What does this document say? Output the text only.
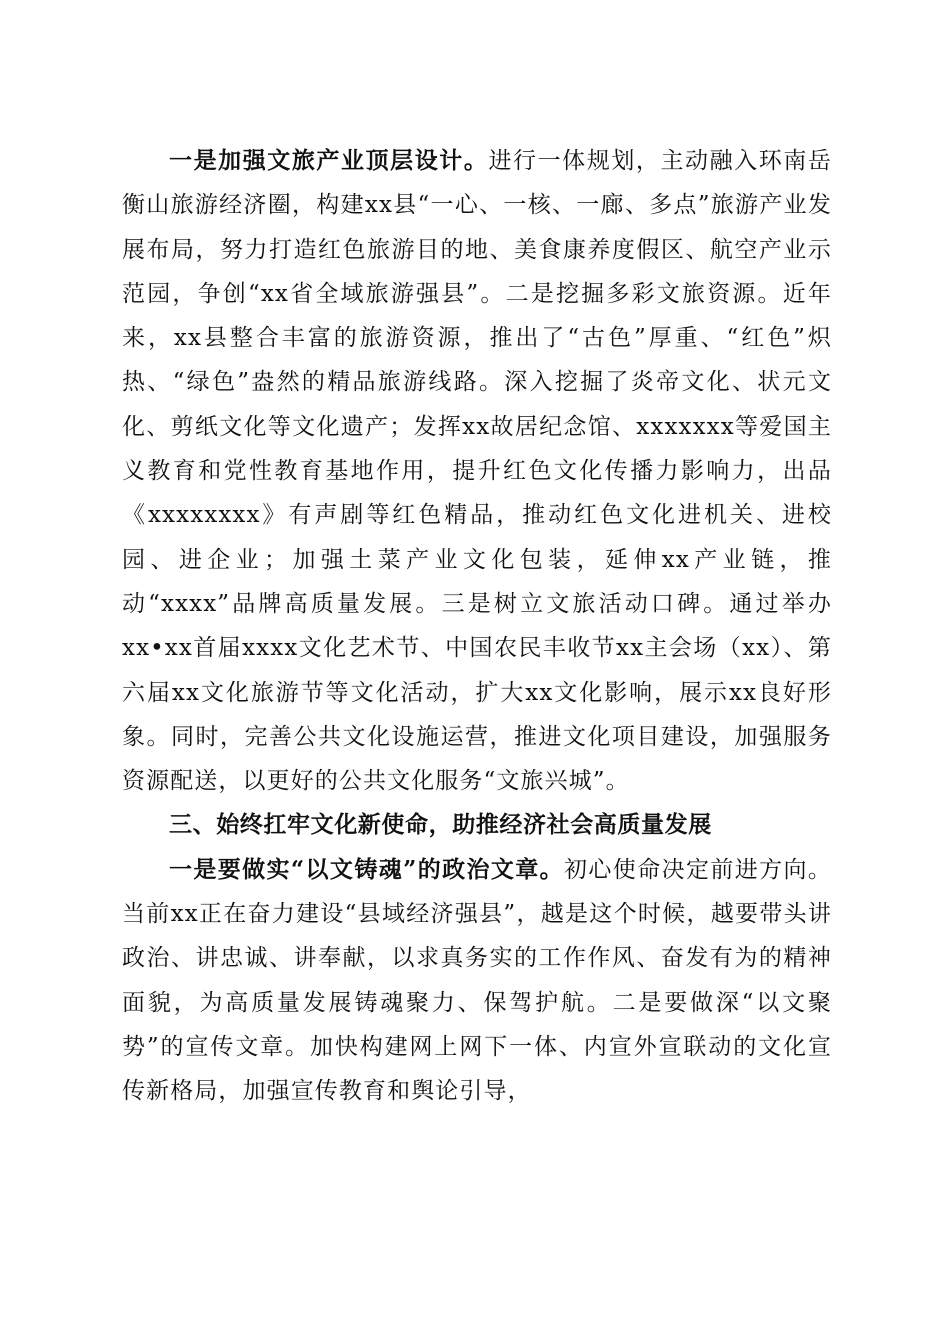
一是加强文旅产业顶层设计。进行一体规划，主动融入环南岳衡山旅游经济圈，构建xx县“一心、一核、一廊、多点”旅游产业发展布局，努力打造红色旅游目的地、美食康养度假区、航空产业示范园，争创“xx省全域旅游强县”。二是挖掘多彩文旅资源。近年来，xx县整合丰富的旅游资源，推出了“古色”厚重、“红色”炽热、“绿色”盎然的精品旅游线路。深入挖掘了炎帝文化、状元文化、剪纸文化等文化遗产；发挥xx故居纪念馆、xxxxxxx等爱国主义教育和党性教育基地作用，提升红色文化传播力影响力，出品《xxxxxxxx》有声剧等红色精品，推动红色文化进机关、进校园、进企业；加强土菜产业文化包装，延伸xx产业链，推动“xxxx”品牌高质量发展。三是树立文旅活动口碑。通过举办xx•xx首届xxxx文化艺术节、中国农民丰收节xx主会场（xx）、第六届xx文化旅游节等文化活动，扩大xx文化影响，展示xx良好形象。同时，完善公共文化设施运营，推进文化项目建设，加强服务资源配送，以更好的公共文化服务“文旅兴城”。

三、始终扛牢文化新使命，助推经济社会高质量发展

一是要做实“以文铸魂”的政治文章。初心使命决定前进方向。当前xx正在奋力建设“县域经济强县”，越是这个时候，越要带头讲政治、讲忠诚、讲奉献，以求真务实的工作作风、奋发有为的精神面貌，为高质量发展铸魂聚力、保驾护航。二是要做深“以文聚势”的宣传文章。加快构建网上网下一体、内宣外宣联动的文化宣传新格局，加强宣传教育和舆论引导，
